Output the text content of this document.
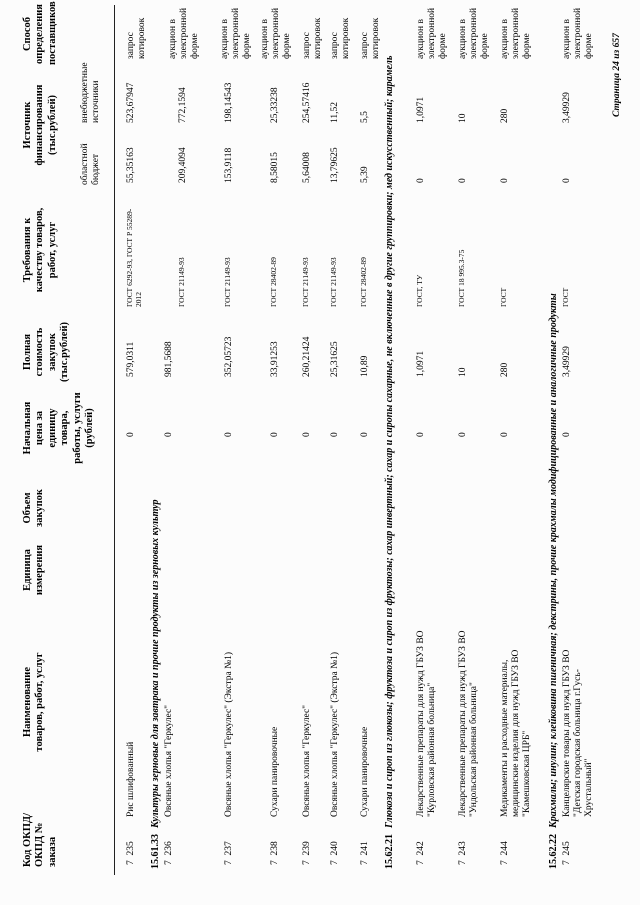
Код ОКПД/ ОКПД № заказа
Наименование товаров, работ, услуг
Единица измерения
Объем закупок
Начальная цена за единицу товара, работы, услуги (рублей)
Полная стоимость закупок (тыс.рублей)
Требования к качеству товаров, работ, услуг
Источник финансирования (тыс.рублей)
областной бюджет
внебюджетные источники
Способ определения поставщиков
7  235
Рис шлифованный
0
579,0311
ГОСТ 6292-93, ГОСТ Р 55289-2012
55,35163
523,67947
запрос котировок
15.61.33Культуры зерновые для завтрака и прочие продукты из зерновых культур
7  236
Овсяные хлопья "Геркулес"
0
981,5688
ГОСТ 21149-93
209,4094
772,1594
аукцион в электронной форме
7  237
Овсяные хлопья "Геркулес" (Экстра №1)
0
352,05723
ГОСТ 21149-93
153,9118
198,14543
аукцион в электронной форме
7  238
Сухари панировочные
0
33,91253
ГОСТ 28402-89
8,58015
25,33238
аукцион в электронной форме
7  239
Овсяные хлопья "Геркулес"
0
260,21424
ГОСТ 21149-93
5,64008
254,57416
запрос котировок
7  240
Овсяные хлопья "Геркулес" (Экстра №1)
0
25,31625
ГОСТ 21149-93
13,79625
11,52
запрос котировок
7  241
Сухари панировочные
0
10,89
ГОСТ 28402-89
5,39
5,5
запрос котировок
15.62.21Глюкоза и сироп из глюкозы; фруктоза и сироп из фруктозы; сахар инвертный; сахар и сиропы сахарные, не включенные в другие группировки; мед искусственный; карамель
7  242
Лекарственные препараты для нужд ГБУЗ ВО "Курловская районная больница"
0
1,0971
ГОСТ, ТУ
0
1,0971
аукцион в электронной форме
7  243
Лекарственные препараты для нужд ГБУЗ ВО "Ундольская районная больница"
0
10
ГОСТ 18 995.3-75
0
10
аукцион в электронной форме
7  244
Медикаменты и расходные материалы, медицинские изделия для нужд ГБУЗ ВО "Камешковская ЦРБ"
0
280
ГОСТ
0
280
аукцион в электронной форме
15.62.22Крахмалы; инулин; клейковина пшеничная; декстрины, прочие крахмалы модифицированные и аналогичные продукты
7  245
Канцелярские товары для нужд ГБУЗ ВО "Детская городская больница г.Гусь-Хрустальный"
0
3,49929
ГОСТ
0
3,49929
аукцион в электронной форме Страница 24 из 657
